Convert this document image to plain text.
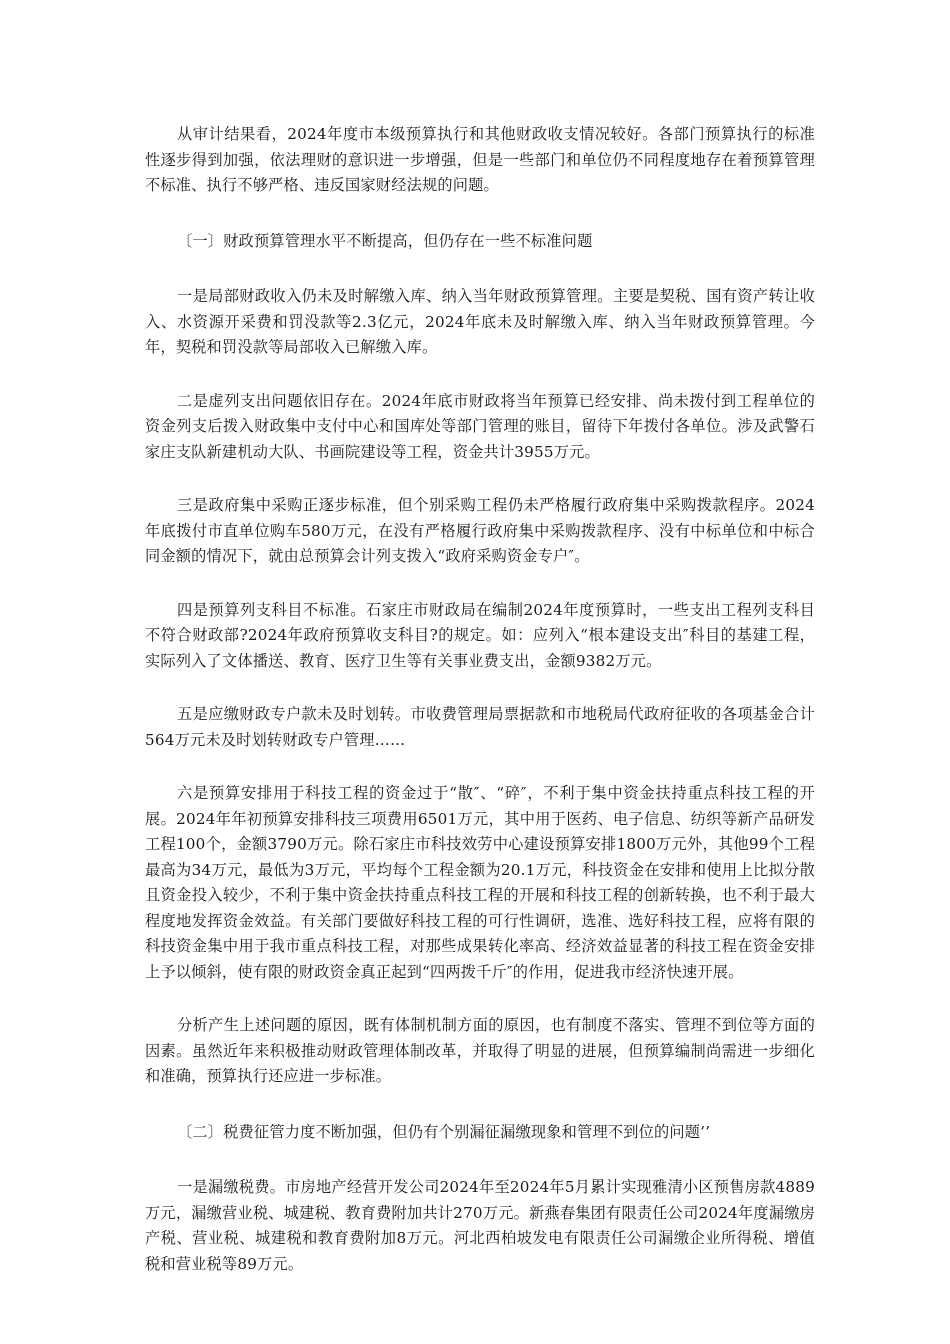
从审计结果看，2024年度市本级预算执行和其他财政收支情况较好。各部门预算执行的标准性逐步得到加强，依法理财的意识进一步增强，但是一些部门和单位仍不同程度地存在着预算管理不标准、执行不够严格、违反国家财经法规的问题。

〔一〕财政预算管理水平不断提高，但仍存在一些不标准问题

一是局部财政收入仍未及时解缴入库、纳入当年财政预算管理。主要是契税、国有资产转让收入、水资源开采费和罚没款等2.3亿元，2024年底未及时解缴入库、纳入当年财政预算管理。今年，契税和罚没款等局部收入已解缴入库。

二是虚列支出问题依旧存在。2024年底市财政将当年预算已经安排、尚未拨付到工程单位的资金列支后拨入财政集中支付中心和国库处等部门管理的账目，留待下年拨付各单位。涉及武警石家庄支队新建机动大队、书画院建设等工程，资金共计3955万元。

三是政府集中采购正逐步标准，但个别采购工程仍未严格履行政府集中采购拨款程序。2024年底拨付市直单位购车580万元，在没有严格履行政府集中采购拨款程序、没有中标单位和中标合同金额的情况下，就由总预算会计列支拨入“政府采购资金专户″。

四是预算列支科目不标准。石家庄市财政局在编制2024年度预算时，一些支出工程列支科目不符合财政部?2024年政府预算收支科目?的规定。如：应列入“根本建设支出″科目的基建工程，实际列入了文体播送、教育、医疗卫生等有关事业费支出，金额9382万元。

五是应缴财政专户款未及时划转。市收费管理局票据款和市地税局代政府征收的各项基金合计564万元未及时划转财政专户管理……

六是预算安排用于科技工程的资金过于“散″、“碎″，不利于集中资金扶持重点科技工程的开展。2024年年初预算安排科技三项费用6501万元，其中用于医药、电子信息、纺织等新产品研发工程100个，金额3790万元。除石家庄市科技效劳中心建设预算安排1800万元外，其他99个工程最高为34万元，最低为3万元，平均每个工程金额为20.1万元，科技资金在安排和使用上比拟分散且资金投入较少，不利于集中资金扶持重点科技工程的开展和科技工程的创新转换，也不利于最大程度地发挥资金效益。有关部门要做好科技工程的可行性调研，选准、选好科技工程，应将有限的科技资金集中用于我市重点科技工程，对那些成果转化率高、经济效益显著的科技工程在资金安排上予以倾斜，使有限的财政资金真正起到“四两拨千斤″的作用，促进我市经济快速开展。

分析产生上述问题的原因，既有体制机制方面的原因，也有制度不落实、管理不到位等方面的因素。虽然近年来积极推动财政管理体制改革，并取得了明显的进展，但预算编制尚需进一步细化和准确，预算执行还应进一步标准。

〔二〕税费征管力度不断加强，但仍有个别漏征漏缴现象和管理不到位的问题’’

一是漏缴税费。市房地产经营开发公司2024年至2024年5月累计实现雅清小区预售房款4889万元，漏缴营业税、城建税、教育费附加共计270万元。新燕春集团有限责任公司2024年度漏缴房产税、营业税、城建税和教育费附加8万元。河北西柏坡发电有限责任公司漏缴企业所得税、增值税和营业税等89万元。
